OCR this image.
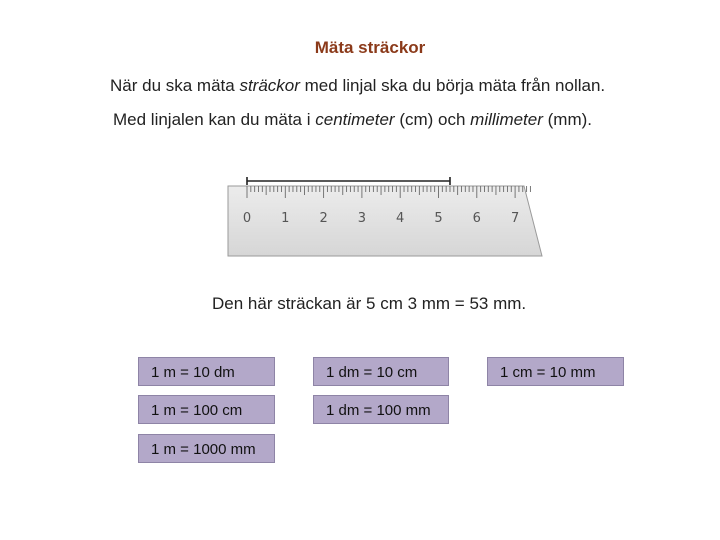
Mäta sträckor
När du ska mäta sträckor med linjal ska du börja mäta från nollan.
Med linjalen kan du mäta i centimeter (cm) och millimeter (mm).
0 1 2 3 4 5 6 7
Den här sträckan är 5 cm 3 mm = 53 mm.
1 m = 10 dm	1 dm = 10 cm	1 cm = 10 mm
1 m = 100 cm	1 dm = 100 mm
1 m = 1000 mm
